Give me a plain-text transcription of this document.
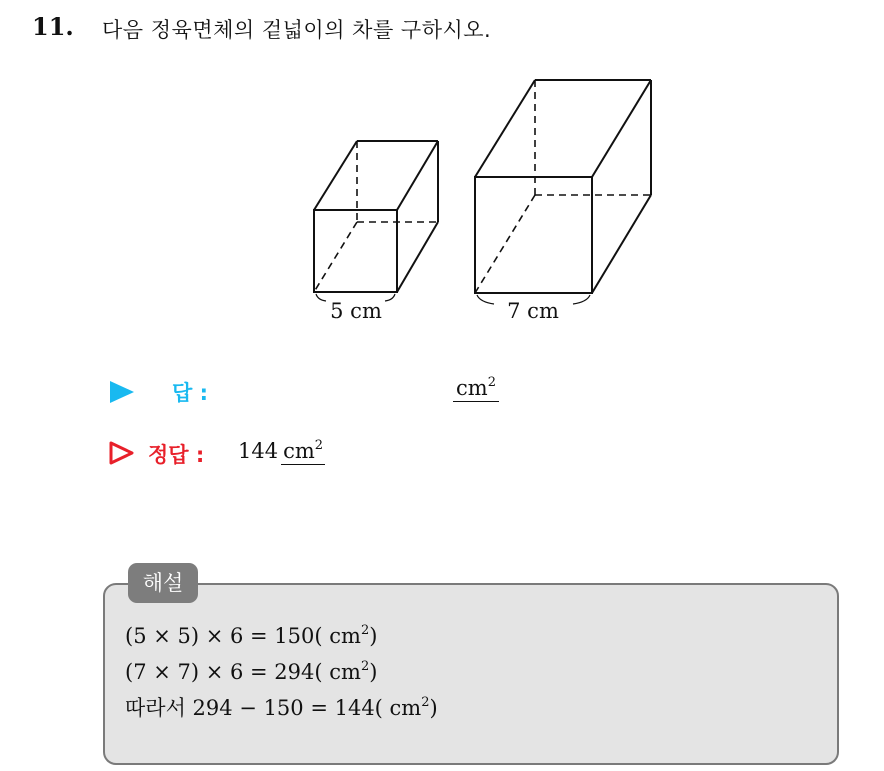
11. 다음 정육면체의 겉넓이의 차를 구하시오.
5 cm	7 cm
답 :	$cm^2$
정답 : 144 $cm^2$
해설
(5 × 5) × 6 = 150( $cm^2$)
(7 × 7) × 6 = 294( $cm^2$)
따라서 294 − 150 = 144( $cm^2$)
